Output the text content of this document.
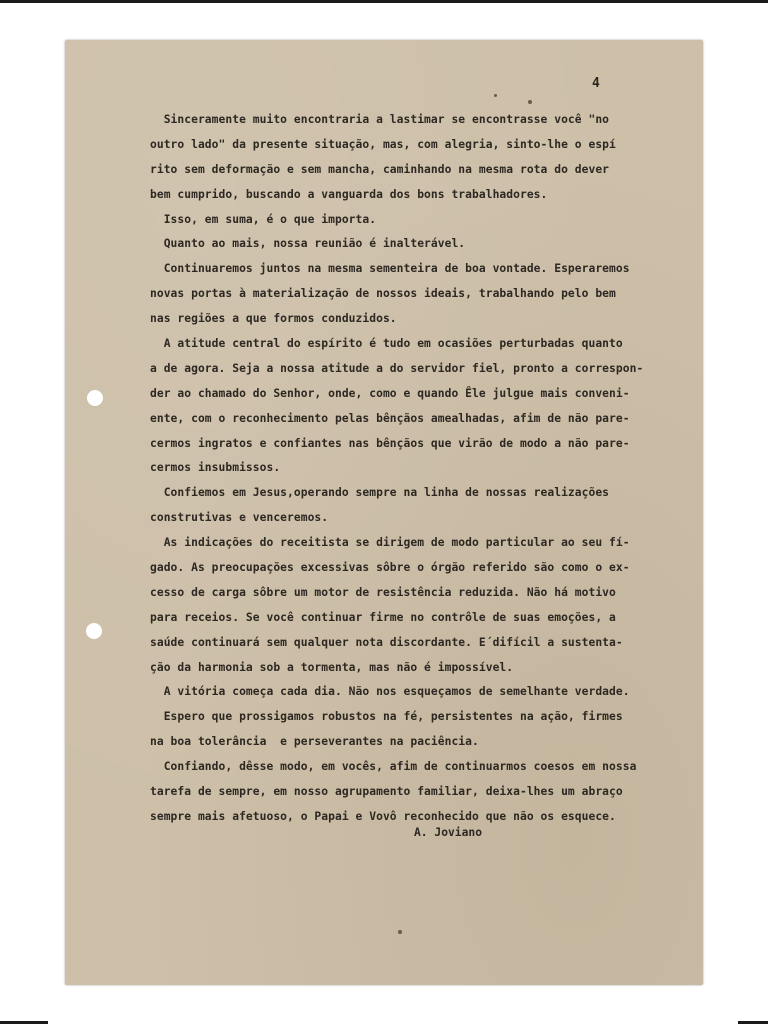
4
Sinceramente muito encontraria a lastimar se encontrasse você "no
outro lado" da presente situação, mas, com alegria, sinto-lhe o espí
rito sem deformação e sem mancha, caminhando na mesma rota do dever
bem cumprido, buscando a vanguarda dos bons trabalhadores.
Isso, em suma, é o que importa.
Quanto ao mais, nossa reunião é inalterável.
Continuaremos juntos na mesma sementeira de boa vontade. Esperaremos
novas portas à materialização de nossos ideais, trabalhando pelo bem
nas regiões a que formos conduzidos.
A atitude central do espírito é tudo em ocasiões perturbadas quanto
a de agora. Seja a nossa atitude a do servidor fiel, pronto a correspon-
der ao chamado do Senhor, onde, como e quando Êle julgue mais conveni-
ente, com o reconhecimento pelas bênçãos amealhadas, afim de não pare-
cermos ingratos e confiantes nas bênçãos que virão de modo a não pare-
cermos insubmissos.
Confiemos em Jesus,operando sempre na linha de nossas realizações
construtivas e venceremos.
As indicações do receitista se dirigem de modo particular ao seu fí-
gado. As preocupações excessivas sôbre o órgão referido são como o ex-
cesso de carga sôbre um motor de resistência reduzida. Não há motivo
para receios. Se você continuar firme no contrôle de suas emoções, a
saúde continuará sem qualquer nota discordante. E´difícil a sustenta-
ção da harmonia sob a tormenta, mas não é impossível.
A vitória começa cada dia. Não nos esqueçamos de semelhante verdade.
Espero que prossigamos robustos na fé, persistentes na ação, firmes
na boa tolerância  e perseverantes na paciência.
Confiando, dêsse modo, em vocês, afim de continuarmos coesos em nossa
tarefa de sempre, em nosso agrupamento familiar, deixa-lhes um abraço
sempre mais afetuoso, o Papai e Vovô reconhecido que não os esquece.
A. Joviano
